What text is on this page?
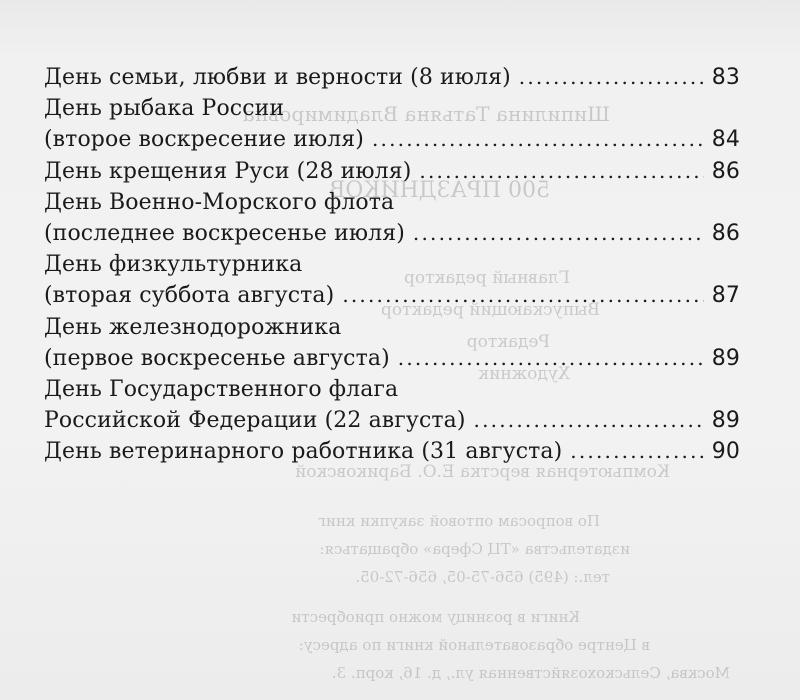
Шипилина Татьяна Владимировна
500 ПРАЗДНИКОВ
Главный редактор
Выпускающий редактор
Редактор
Художник
Компьютерная верстка Е.О. Бариковской
По вопросам оптовой закупки книг
издательства «ТЦ Сфера» обращаться:
тел.: (495) 656-75-05, 656-72-05.
Книги в розницу можно приобрести
в Центре образовательной книги по адресу:
Москва, Сельскохозяйственная ул., д. 16, корп. 3.
День семьи, любви и верности (8 июля) .....	83
День рыбака России
(второе воскресение июля) .....	84
День крещения Руси (28 июля) .....	86
День Военно-Морского флота
(последнее воскресенье июля) .....	86
День физкультурника
(вторая суббота августа) .....	87
День железнодорожника
(первое воскресенье августа) .....	89
День Государственного флага
Российской Федерации (22 августа) .....	89
День ветеринарного работника (31 августа) .....	90
